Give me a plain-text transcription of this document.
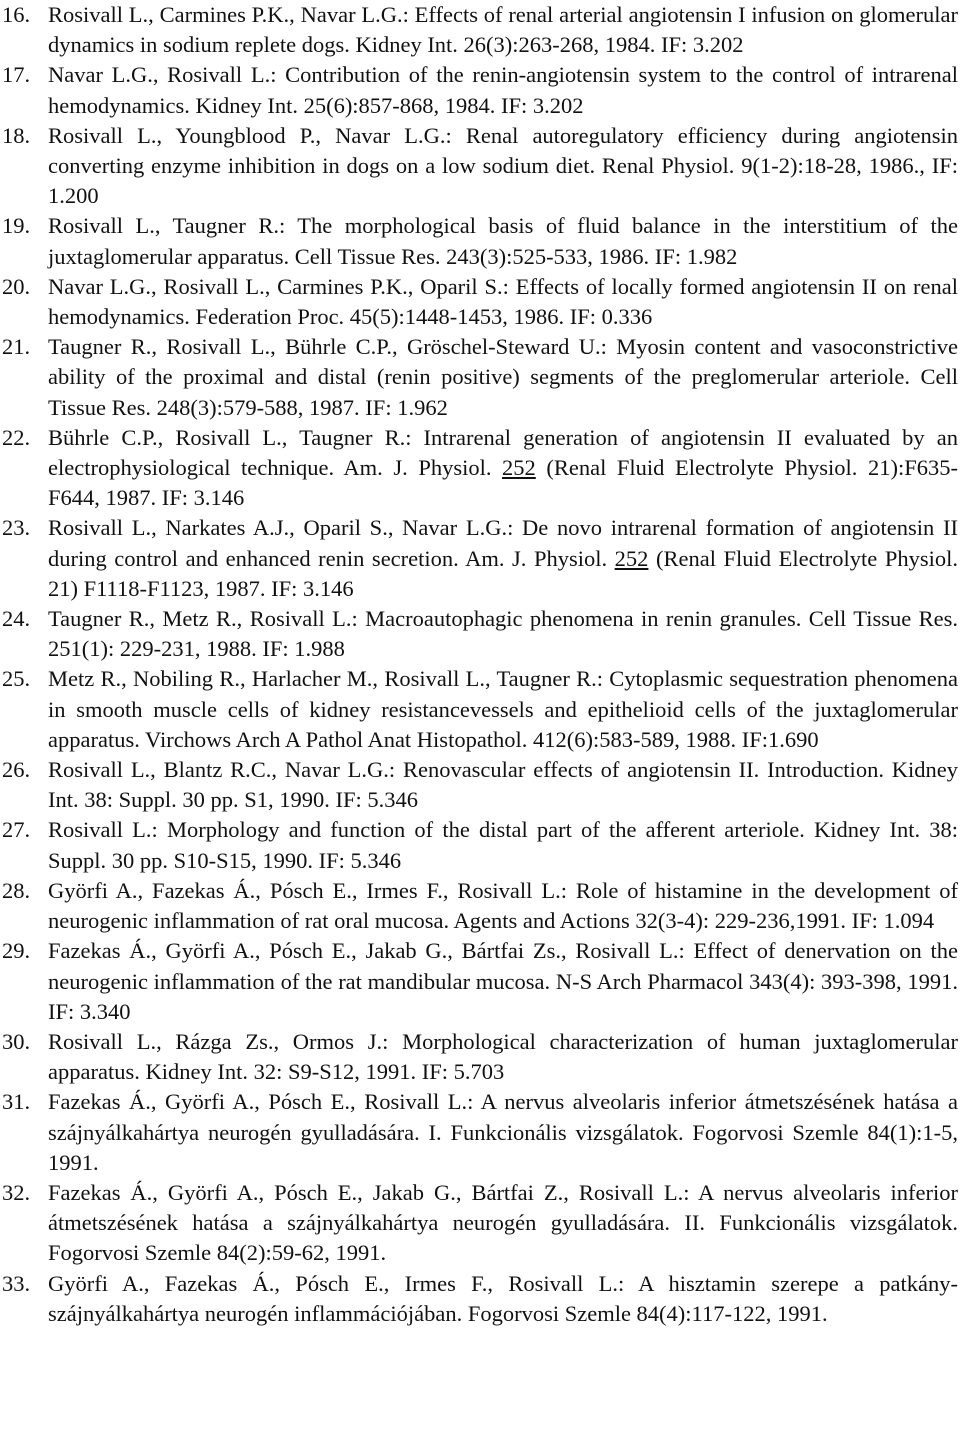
16. Rosivall L., Carmines P.K., Navar L.G.: Effects of renal arterial angiotensin I infusion on glomerular dynamics in sodium replete dogs. Kidney Int. 26(3):263-268, 1984. IF: 3.202
17. Navar L.G., Rosivall L.: Contribution of the renin-angiotensin system to the control of intrarenal hemodynamics. Kidney Int. 25(6):857-868, 1984. IF: 3.202
18. Rosivall L., Youngblood P., Navar L.G.: Renal autoregulatory efficiency during angiotensin converting enzyme inhibition in dogs on a low sodium diet. Renal Physiol. 9(1-2):18-28, 1986., IF: 1.200
19. Rosivall L., Taugner R.: The morphological basis of fluid balance in the interstitium of the juxtaglomerular apparatus. Cell Tissue Res. 243(3):525-533, 1986. IF: 1.982
20. Navar L.G., Rosivall L., Carmines P.K., Oparil S.: Effects of locally formed angiotensin II on renal hemodynamics. Federation Proc. 45(5):1448-1453, 1986. IF: 0.336
21. Taugner R., Rosivall L., Bührle C.P., Gröschel-Steward U.: Myosin content and vasoconstrictive ability of the proximal and distal (renin positive) segments of the preglomerular arteriole. Cell Tissue Res. 248(3):579-588, 1987. IF: 1.962
22. Bührle C.P., Rosivall L., Taugner R.: Intrarenal generation of angiotensin II evaluated by an electrophysiological technique. Am. J. Physiol. 252 (Renal Fluid Electrolyte Physiol. 21):F635-F644, 1987. IF: 3.146
23. Rosivall L., Narkates A.J., Oparil S., Navar L.G.: De novo intrarenal formation of angiotensin II during control and enhanced renin secretion. Am. J. Physiol. 252 (Renal Fluid Electrolyte Physiol. 21) F1118-F1123, 1987. IF: 3.146
24. Taugner R., Metz R., Rosivall L.: Macroautophagic phenomena in renin granules. Cell Tissue Res. 251(1): 229-231, 1988. IF: 1.988
25. Metz R., Nobiling R., Harlacher M., Rosivall L., Taugner R.: Cytoplasmic sequestration phenomena in smooth muscle cells of kidney resistancevessels and epithelioid cells of the juxtaglomerular apparatus. Virchows Arch A Pathol Anat Histopathol. 412(6):583-589, 1988. IF:1.690
26. Rosivall L., Blantz R.C., Navar L.G.: Renovascular effects of angiotensin II. Introduction. Kidney Int. 38: Suppl. 30 pp. S1, 1990. IF: 5.346
27. Rosivall L.: Morphology and function of the distal part of the afferent arteriole. Kidney Int. 38: Suppl. 30 pp. S10-S15, 1990. IF: 5.346
28. Györfi A., Fazekas Á., Pósch E., Irmes F., Rosivall L.: Role of histamine in the development of neurogenic inflammation of rat oral mucosa. Agents and Actions 32(3-4): 229-236,1991. IF: 1.094
29. Fazekas Á., Györfi A., Pósch E., Jakab G., Bártfai Zs., Rosivall L.: Effect of denervation on the neurogenic inflammation of the rat mandibular mucosa. N-S Arch Pharmacol 343(4): 393-398, 1991. IF: 3.340
30. Rosivall L., Rázga Zs., Ormos J.: Morphological characterization of human juxtaglomerular apparatus. Kidney Int. 32: S9-S12, 1991. IF: 5.703
31. Fazekas Á., Györfi A., Pósch E., Rosivall L.: A nervus alveolaris inferior átmetszésének hatása a szájnyálkahártya neurogén gyulladására. I. Funkcionális vizsgálatok. Fogorvosi Szemle 84(1):1-5, 1991.
32. Fazekas Á., Györfi A., Pósch E., Jakab G., Bártfai Z., Rosivall L.: A nervus alveolaris inferior átmetszésének hatása a szájnyálkahártya neurogén gyulladására. II. Funkcionális vizsgálatok. Fogorvosi Szemle 84(2):59-62, 1991.
33. Györfi A., Fazekas Á., Pósch E., Irmes F., Rosivall L.: A hisztamin szerepe a patkány-szájnyálkahártya neurogén inflammációjában. Fogorvosi Szemle 84(4):117-122, 1991.
